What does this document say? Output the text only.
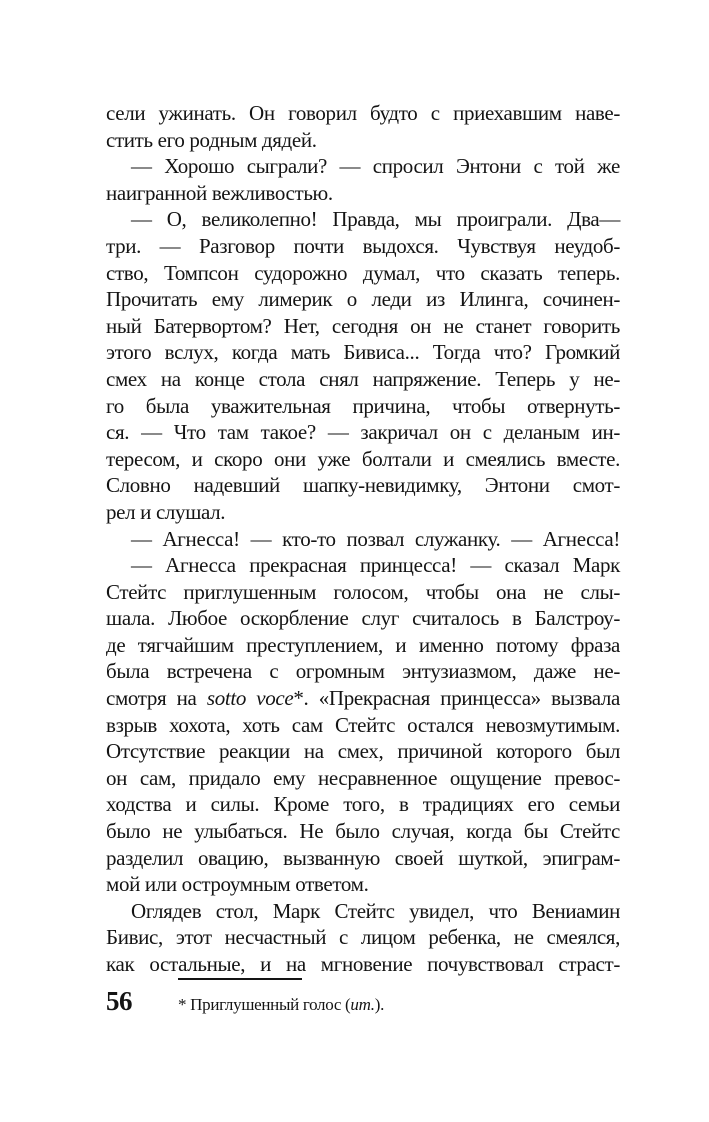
сели ужинать. Он говорил будто с приехавшим наве-
стить его родным дядей.
— Хорошо сыграли? — спросил Энтони с той же
наигранной вежливостью.
— О, великолепно! Правда, мы проиграли. Два—
три. — Разговор почти выдохся. Чувствуя неудоб-
ство, Томпсон судорожно думал, что сказать теперь.
Прочитать ему лимерик о леди из Илинга, сочинен-
ный Батервортом? Нет, сегодня он не станет говорить
этого вслух, когда мать Бивиса... Тогда что? Громкий
смех на конце стола снял напряжение. Теперь у не-
го была уважительная причина, чтобы отвернуть-
ся. — Что там такое? — закричал он с деланым ин-
тересом, и скоро они уже болтали и смеялись вместе.
Словно надевший шапку-невидимку, Энтони смот-
рел и слушал.
— Агнесса! — кто-то позвал служанку. — Агнесса!
— Агнесса прекрасная принцесса! — сказал Марк
Стейтс приглушенным голосом, чтобы она не слы-
шала. Любое оскорбление слуг считалось в Балстроу-
де тягчайшим преступлением, и именно потому фраза
была встречена с огромным энтузиазмом, даже не-
смотря на sotto voce*. «Прекрасная принцесса» вызвала
взрыв хохота, хоть сам Стейтс остался невозмутимым.
Отсутствие реакции на смех, причиной которого был
он сам, придало ему несравненное ощущение превос-
ходства и силы. Кроме того, в традициях его семьи
было не улыбаться. Не было случая, когда бы Стейтс
разделил овацию, вызванную своей шуткой, эпиграм-
мой или остроумным ответом.
Оглядев стол, Марк Стейтс увидел, что Вениамин
Бивис, этот несчастный с лицом ребенка, не смеялся,
как остальные, и на мгновение почувствовал страст-
56	* Приглушенный голос (ит.).
